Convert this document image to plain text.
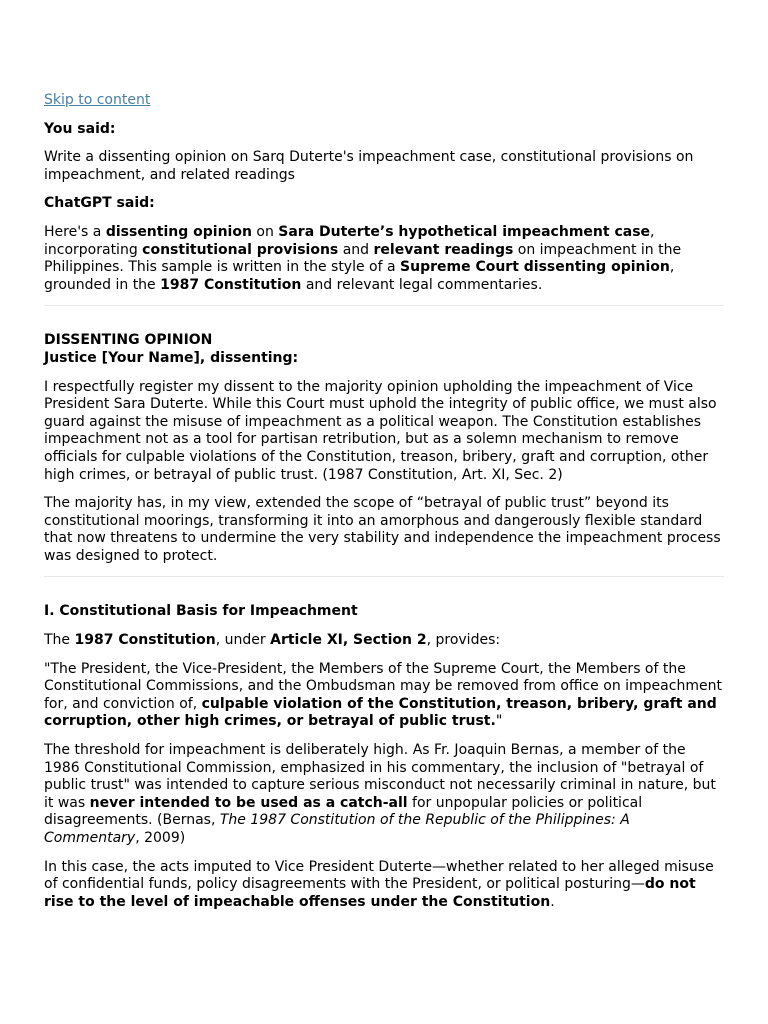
Skip to content

You said:

Write a dissenting opinion on Sarq Duterte's impeachment case, constitutional provisions on impeachment, and related readings

ChatGPT said:

Here's a dissenting opinion on Sara Duterte’s hypothetical impeachment case, incorporating constitutional provisions and relevant readings on impeachment in the Philippines. This sample is written in the style of a Supreme Court dissenting opinion, grounded in the 1987 Constitution and relevant legal commentaries.

DISSENTING OPINION

Justice [Your Name], dissenting:

I respectfully register my dissent to the majority opinion upholding the impeachment of Vice President Sara Duterte. While this Court must uphold the integrity of public office, we must also guard against the misuse of impeachment as a political weapon. The Constitution establishes impeachment not as a tool for partisan retribution, but as a solemn mechanism to remove officials for culpable violations of the Constitution, treason, bribery, graft and corruption, other high crimes, or betrayal of public trust. (1987 Constitution, Art. XI, Sec. 2)

The majority has, in my view, extended the scope of “betrayal of public trust” beyond its constitutional moorings, transforming it into an amorphous and dangerously flexible standard that now threatens to undermine the very stability and independence the impeachment process was designed to protect.

I. Constitutional Basis for Impeachment

The 1987 Constitution, under Article XI, Section 2, provides:

"The President, the Vice-President, the Members of the Supreme Court, the Members of the Constitutional Commissions, and the Ombudsman may be removed from office on impeachment for, and conviction of, culpable violation of the Constitution, treason, bribery, graft and corruption, other high crimes, or betrayal of public trust."

The threshold for impeachment is deliberately high. As Fr. Joaquin Bernas, a member of the 1986 Constitutional Commission, emphasized in his commentary, the inclusion of "betrayal of public trust" was intended to capture serious misconduct not necessarily criminal in nature, but it was never intended to be used as a catch-all for unpopular policies or political disagreements. (Bernas, The 1987 Constitution of the Republic of the Philippines: A Commentary, 2009)

In this case, the acts imputed to Vice President Duterte—whether related to her alleged misuse of confidential funds, policy disagreements with the President, or political posturing—do not rise to the level of impeachable offenses under the Constitution.
